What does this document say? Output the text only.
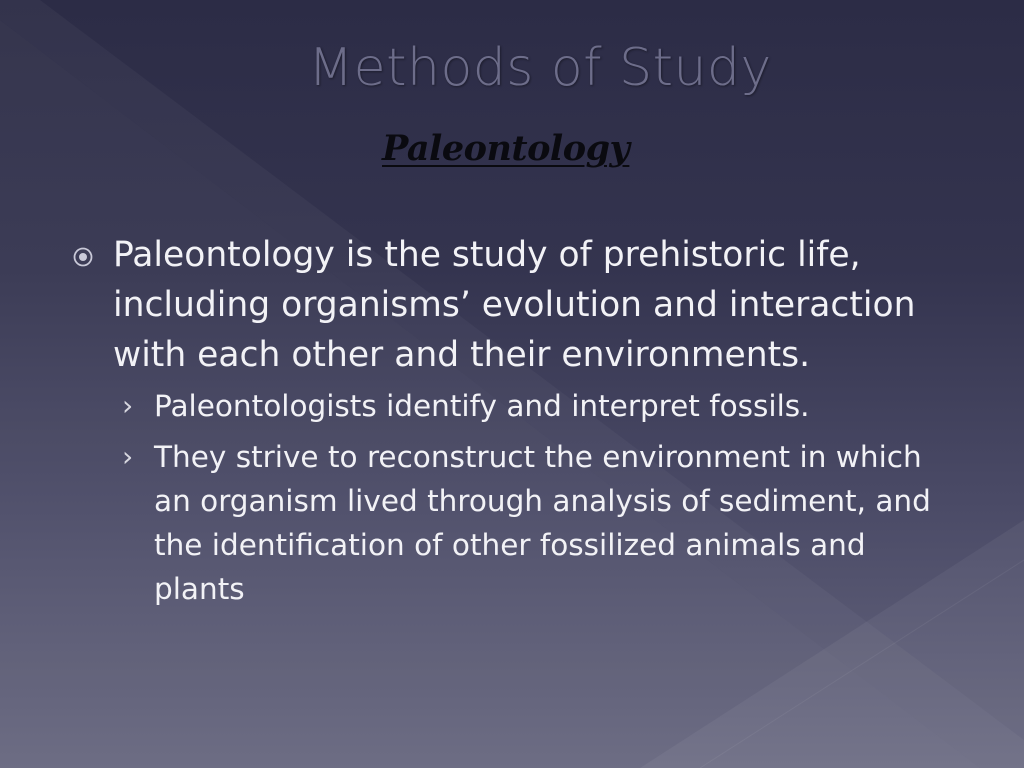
Methods of Study
Paleontology
Paleontology is the study of prehistoric life, including organisms’ evolution and interaction with each other and their environments.
› Paleontologists identify and interpret fossils.
› They strive to reconstruct the environment in which an organism lived through analysis of sediment, and the identification of other fossilized animals and plants
